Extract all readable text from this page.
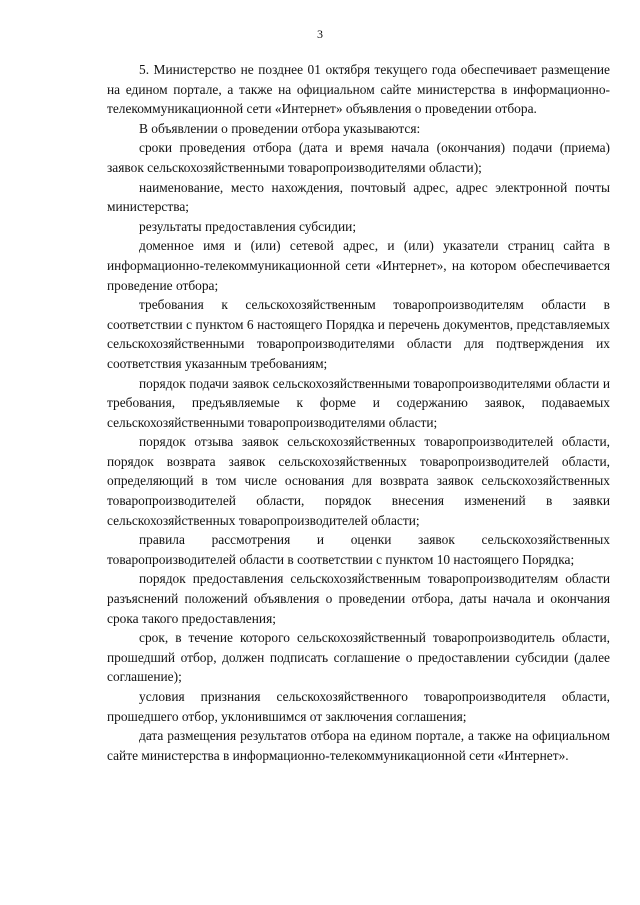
3

5. Министерство не позднее 01 октября текущего года обеспечивает размещение на едином портале, а также на официальном сайте министерства в информационно-телекоммуникационной сети «Интернет» объявления о проведении отбора.

В объявлении о проведении отбора указываются:

сроки проведения отбора (дата и время начала (окончания) подачи (приема) заявок сельскохозяйственными товаропроизводителями области);

наименование, место нахождения, почтовый адрес, адрес электронной почты министерства;

результаты предоставления субсидии;

доменное имя и (или) сетевой адрес, и (или) указатели страниц сайта в информационно-телекоммуникационной сети «Интернет», на котором обеспечивается проведение отбора;

требования к сельскохозяйственным товаропроизводителям области в соответствии с пунктом 6 настоящего Порядка и перечень документов, представляемых сельскохозяйственными товаропроизводителями области для подтверждения их соответствия указанным требованиям;

порядок подачи заявок сельскохозяйственными товаропроизводителями области и требования, предъявляемые к форме и содержанию заявок, подаваемых сельскохозяйственными товаропроизводителями области;

порядок отзыва заявок сельскохозяйственных товаропроизводителей области, порядок возврата заявок сельскохозяйственных товаропроизводителей области, определяющий в том числе основания для возврата заявок сельскохозяйственных товаропроизводителей области, порядок внесения изменений в заявки сельскохозяйственных товаропроизводителей области;

правила рассмотрения и оценки заявок сельскохозяйственных товаропроизводителей области в соответствии с пунктом 10 настоящего Порядка;

порядок предоставления сельскохозяйственным товаропроизводителям области разъяснений положений объявления о проведении отбора, даты начала и окончания срока такого предоставления;

срок, в течение которого сельскохозяйственный товаропроизводитель области, прошедший отбор, должен подписать соглашение о предоставлении субсидии (далее соглашение);

условия признания сельскохозяйственного товаропроизводителя области, прошедшего отбор, уклонившимся от заключения соглашения;

дата размещения результатов отбора на едином портале, а также на официальном сайте министерства в информационно-телекоммуникационной сети «Интернет».
